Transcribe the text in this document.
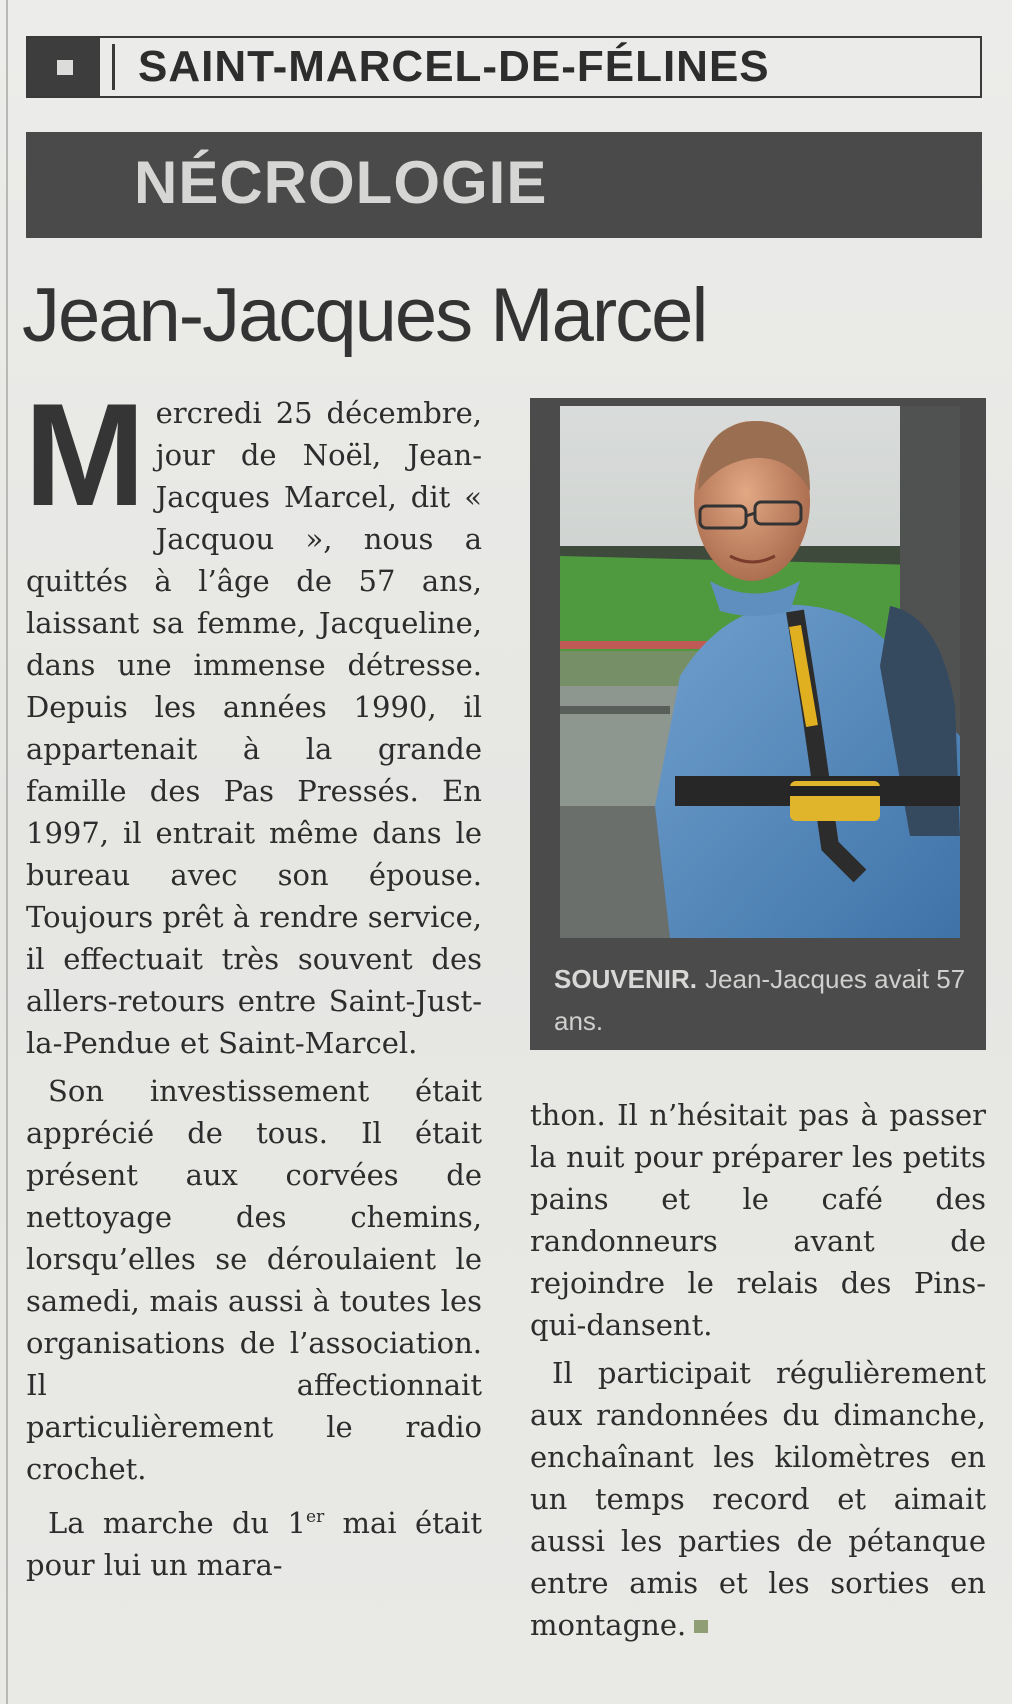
SAINT-MARCEL-DE-FÉLINES
NÉCROLOGIE
Jean-Jacques Marcel

Mercredi 25 décembre, jour de Noël, Jean-Jacques Marcel, dit « Jacquou », nous a quittés à l’âge de 57 ans, laissant sa femme, Jacqueline, dans une immense détresse. Depuis les années 1990, il appartenait à la grande famille des Pas Pressés. En 1997, il entrait même dans le bureau avec son épouse. Toujours prêt à rendre service, il effectuait très souvent des allers-retours entre Saint-Just-la-Pendue et Saint-Marcel.

Son investissement était apprécié de tous. Il était présent aux corvées de nettoyage des chemins, lorsqu’elles se déroulaient le samedi, mais aussi à toutes les organisations de l’association. Il affectionnait particulièrement le radio crochet.

La marche du 1er mai était pour lui un mara-

SOUVENIR. Jean-Jacques avait 57 ans.

thon. Il n’hésitait pas à passer la nuit pour préparer les petits pains et le café des randonneurs avant de rejoindre le relais des Pins-qui-dansent.

Il participait régulièrement aux randonnées du dimanche, enchaînant les kilomètres en un temps record et aimait aussi les parties de pétanque entre amis et les sorties en montagne.
